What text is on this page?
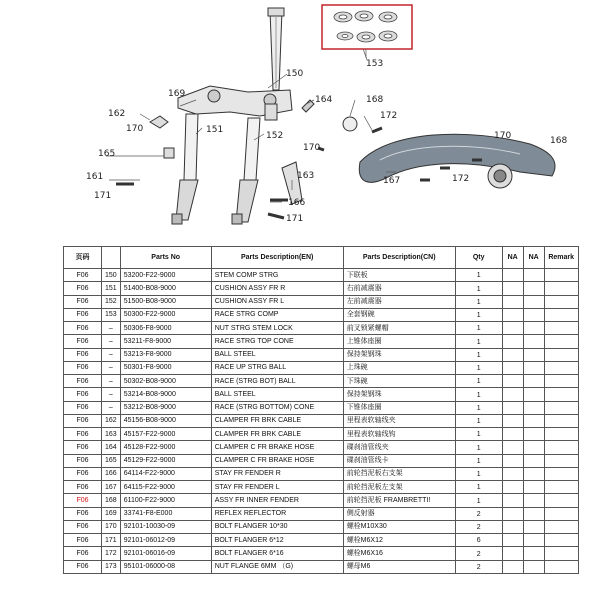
150
151
152
153
161
162
163
164
165
166
167
168
168
169
170
170
170
171
171
172
172
页码		Parts No	Parts Description(EN)	Parts Description(CN)	Qty	NA	NA	Remark
F06	150	53200-F22-9000	STEM COMP STRG	下联板	1			
F06	151	51400-B08-9000	CUSHION ASSY FR R	右前减震器	1			
F06	152	51500-B08-9000	CUSHION ASSY FR L	左前减震器	1			
F06	153	50300-F22-9000	RACE STRG COMP	全套钢碗	1			
F06	–	50306-F8-9000	NUT STRG STEM LOCK	前叉锁紧螺帽	1			
F06	–	53211-F8-9000	RACE STRG TOP CONE	上锥体座圈	1			
F06	–	53213-F8-9000	BALL STEEL	保持架钢珠	1			
F06	–	50301-F8-9000	RACE UP STRG BALL	上珠碗	1			
F06	–	50302-B08-9000	RACE (STRG BOT) BALL	下珠碗	1			
F06	–	53214-B08-9000	BALL STEEL	保持架钢珠	1			
F06	–	53212-B08-9000	RACE (STRG BOTTOM) CONE	下锥体座圈	1			
F06	162	45156-B08-9000	CLAMPER FR BRK CABLE	里程表软轴线夹	1			
F06	163	45157-F22-9000	CLAMPER FR BRK CABLE	里程表软轴线钩	1			
F06	164	45128-F22-9000	CLAMPER C FR BRAKE HOSE	碟刹油管线夹	1			
F06	165	45129-F22-9000	CLAMPER C FR BRAKE HOSE	碟刹油管线卡	1			
F06	166	64114-F22-9000	STAY FR FENDER R	前轮挡泥板右支架	1			
F06	167	64115-F22-9000	STAY FR FENDER L	前轮挡泥板左支架	1			
F06	168	61100-F22-9000	ASSY FR INNER FENDER	前轮挡泥板 FRAMBRETTI!	1			
F06	169	33741-F8-E000	REFLEX REFLECTOR	侧反射器	2			
F06	170	92101-10030-09	BOLT FLANGER 10*30	螺栓M10X30	2			
F06	171	92101-06012-09	BOLT FLANGER 6*12	螺栓M6X12	6			
F06	172	92101-06016-09	BOLT FLANGER 6*16	螺栓M6X16	2			
F06	173	95101-06000-08	NUT FLANGE 6MM （G)	螺母M6	2			
